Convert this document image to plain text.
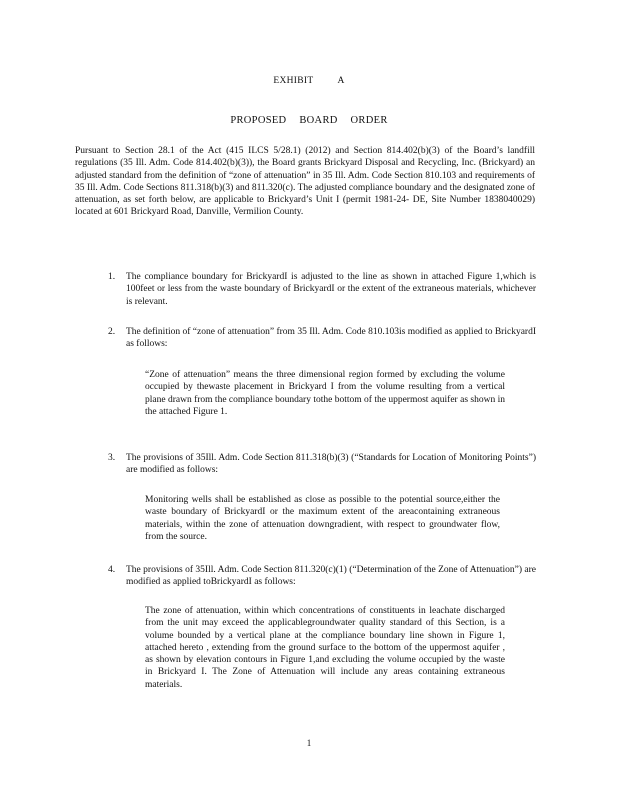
EXHIBIT A
PROPOSED BOARD ORDER

Pursuant to Section 28.1 of the Act (415 ILCS 5/28.1) (2012) and Section 814.402(b)(3) of the Board’s landfill regulations (35 Ill. Adm. Code 814.402(b)(3)), the Board grants Brickyard Disposal and Recycling, Inc. (Brickyard) an adjusted standard from the definition of “zone of attenuation” in 35 Ill. Adm. Code Section 810.103 and requirements of 35 Ill. Adm. Code Sections 811.318(b)(3) and 811.320(c). The adjusted compliance boundary and the designated zone of attenuation, as set forth below, are applicable to Brickyard’s Unit I (permit 1981-24- DE, Site Number 1838040029) located at 601 Brickyard Road, Danville, Vermilion County.

1. The compliance boundary for BrickyardI is adjusted to the line as shown in attached Figure 1,which is 100feet or less from the waste boundary of BrickyardI or the extent of the extraneous materials, whichever is relevant.
2. The definition of “zone of attenuation” from 35 Ill. Adm. Code 810.103is modified as applied to BrickyardI as follows:
“Zone of attenuation” means the three dimensional region formed by excluding the volume occupied by thewaste placement in Brickyard I from the volume resulting from a vertical plane drawn from the compliance boundary tothe bottom of the uppermost aquifer as shown in the attached Figure 1.
3. The provisions of 35Ill. Adm. Code Section 811.318(b)(3) (“Standards for Location of Monitoring Points”) are modified as follows:
Monitoring wells shall be established as close as possible to the potential source,either the waste boundary of BrickyardI or the maximum extent of the areacontaining extraneous materials, within the zone of attenuation downgradient, with respect to groundwater flow, from the source.
4. The provisions of 35Ill. Adm. Code Section 811.320(c)(1) (“Determination of the Zone of Attenuation”) are modified as applied toBrickyardI as follows:
The zone of attenuation, within which concentrations of constituents in leachate discharged from the unit may exceed the applicablegroundwater quality standard of this Section, is a volume bounded by a vertical plane at the compliance boundary line shown in Figure 1, attached hereto , extending from the ground surface to the bottom of the uppermost aquifer , as shown by elevation contours in Figure 1,and excluding the volume occupied by the waste in Brickyard I. The Zone of Attenuation will include any areas containing extraneous materials.
1
